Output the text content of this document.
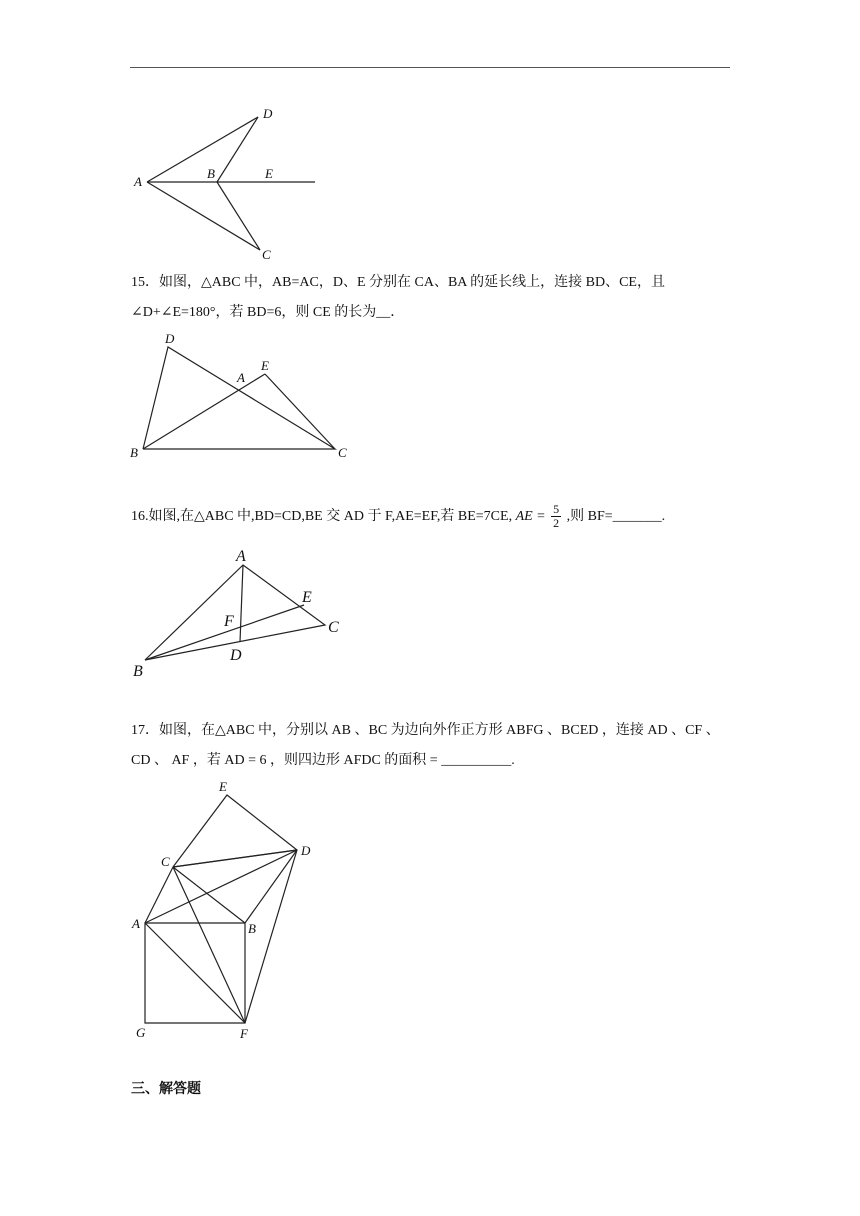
A
B
D
E
C
15．如图，△ABC 中，AB=AC，D、E 分别在 CA、BA 的延长线上，连接 BD、CE，且
∠D+∠E=180°，若 BD=6，则 CE 的长为__．
D
A
E
B	C
16.如图,在△ABC 中,BD=CD,BE 交 AD 于 F,AE=EF,若 BE=7CE, AE = $\frac{5}{2}$ ,则 BF=_______.
A
E
C
F
D
B
17．如图，在△ABC 中，分别以 AB 、BC 为边向外作正方形 ABFG 、BCED ，连接 AD 、CF 、
CD 、 AF ，若 AD = 6 ，则四边形 AFDC 的面积 = __________.
E
D
C
A	B
G	F
三、解答题
